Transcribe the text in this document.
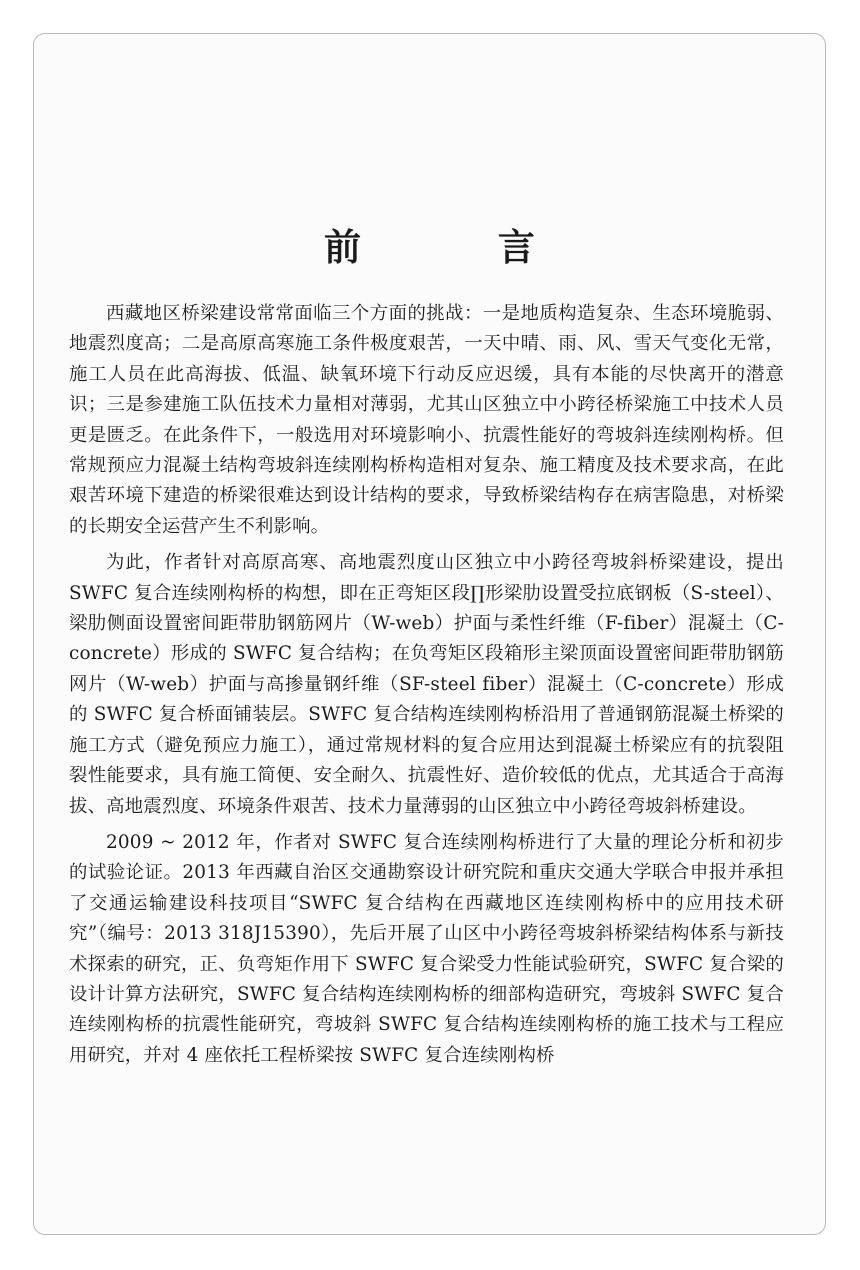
前 言

西藏地区桥梁建设常常面临三个方面的挑战：一是地质构造复杂、生态环境脆弱、地震烈度高；二是高原高寒施工条件极度艰苦，一天中晴、雨、风、雪天气变化无常，施工人员在此高海拔、低温、缺氧环境下行动反应迟缓，具有本能的尽快离开的潜意识；三是参建施工队伍技术力量相对薄弱，尤其山区独立中小跨径桥梁施工中技术人员更是匮乏。在此条件下，一般选用对环境影响小、抗震性能好的弯坡斜连续刚构桥。但常规预应力混凝土结构弯坡斜连续刚构桥构造相对复杂、施工精度及技术要求高，在此艰苦环境下建造的桥梁很难达到设计结构的要求，导致桥梁结构存在病害隐患，对桥梁的长期安全运营产生不利影响。

为此，作者针对高原高寒、高地震烈度山区独立中小跨径弯坡斜桥梁建设，提出 SWFC 复合连续刚构桥的构想，即在正弯矩区段∏形梁肋设置受拉底钢板（S-steel）、梁肋侧面设置密间距带肋钢筋网片（W-web）护面与柔性纤维（F-fiber）混凝土（C-concrete）形成的 SWFC 复合结构；在负弯矩区段箱形主梁顶面设置密间距带肋钢筋网片（W-web）护面与高掺量钢纤维（SF-steel fiber）混凝土（C-concrete）形成的 SWFC 复合桥面铺装层。SWFC 复合结构连续刚构桥沿用了普通钢筋混凝土桥梁的施工方式（避免预应力施工），通过常规材料的复合应用达到混凝土桥梁应有的抗裂阻裂性能要求，具有施工简便、安全耐久、抗震性好、造价较低的优点，尤其适合于高海拔、高地震烈度、环境条件艰苦、技术力量薄弱的山区独立中小跨径弯坡斜桥建设。

2009 ~ 2012 年，作者对 SWFC 复合连续刚构桥进行了大量的理论分析和初步的试验论证。2013 年西藏自治区交通勘察设计研究院和重庆交通大学联合申报并承担了交通运输建设科技项目“SWFC 复合结构在西藏地区连续刚构桥中的应用技术研究”（编号：2013 318J15390），先后开展了山区中小跨径弯坡斜桥梁结构体系与新技术探索的研究，正、负弯矩作用下 SWFC 复合梁受力性能试验研究，SWFC 复合梁的设计计算方法研究，SWFC 复合结构连续刚构桥的细部构造研究，弯坡斜 SWFC 复合连续刚构桥的抗震性能研究，弯坡斜 SWFC 复合结构连续刚构桥的施工技术与工程应用研究，并对 4 座依托工程桥梁按 SWFC 复合连续刚构桥
